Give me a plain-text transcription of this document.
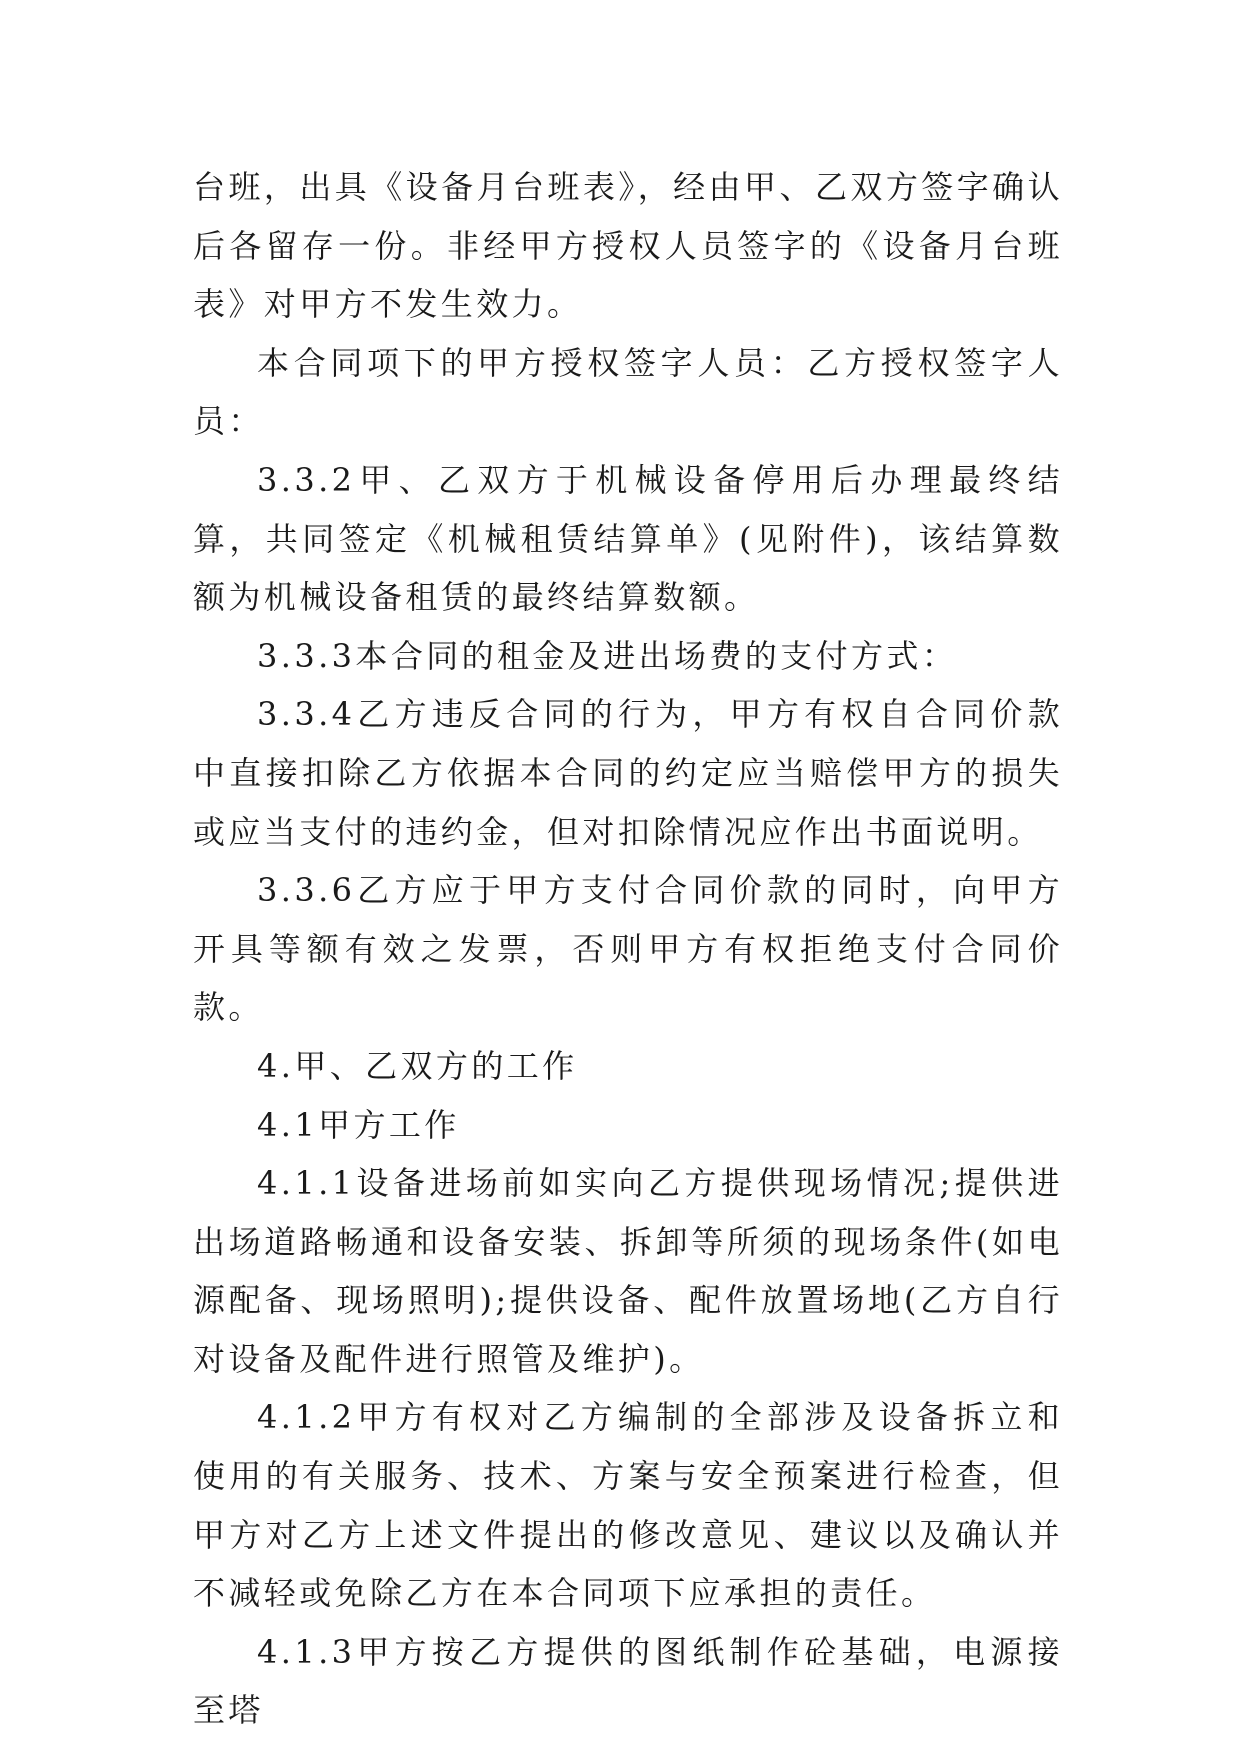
台班，出具《设备月台班表》，经由甲、乙双方签字确认后各留存一份。非经甲方授权人员签字的《设备月台班表》对甲方不发生效力。

本合同项下的甲方授权签字人员：乙方授权签字人员：

3.3.2甲、乙双方于机械设备停用后办理最终结算，共同签定《机械租赁结算单》(见附件)，该结算数额为机械设备租赁的最终结算数额。

3.3.3本合同的租金及进出场费的支付方式：

3.3.4乙方违反合同的行为，甲方有权自合同价款中直接扣除乙方依据本合同的约定应当赔偿甲方的损失或应当支付的违约金，但对扣除情况应作出书面说明。

3.3.6乙方应于甲方支付合同价款的同时，向甲方开具等额有效之发票，否则甲方有权拒绝支付合同价款。

4.甲、乙双方的工作

4.1甲方工作

4.1.1设备进场前如实向乙方提供现场情况;提供进出场道路畅通和设备安装、拆卸等所须的现场条件(如电源配备、现场照明);提供设备、配件放置场地(乙方自行对设备及配件进行照管及维护)。

4.1.2甲方有权对乙方编制的全部涉及设备拆立和使用的有关服务、技术、方案与安全预案进行检查，但甲方对乙方上述文件提出的修改意见、建议以及确认并不减轻或免除乙方在本合同项下应承担的责任。

4.1.3甲方按乙方提供的图纸制作砼基础，电源接至塔
